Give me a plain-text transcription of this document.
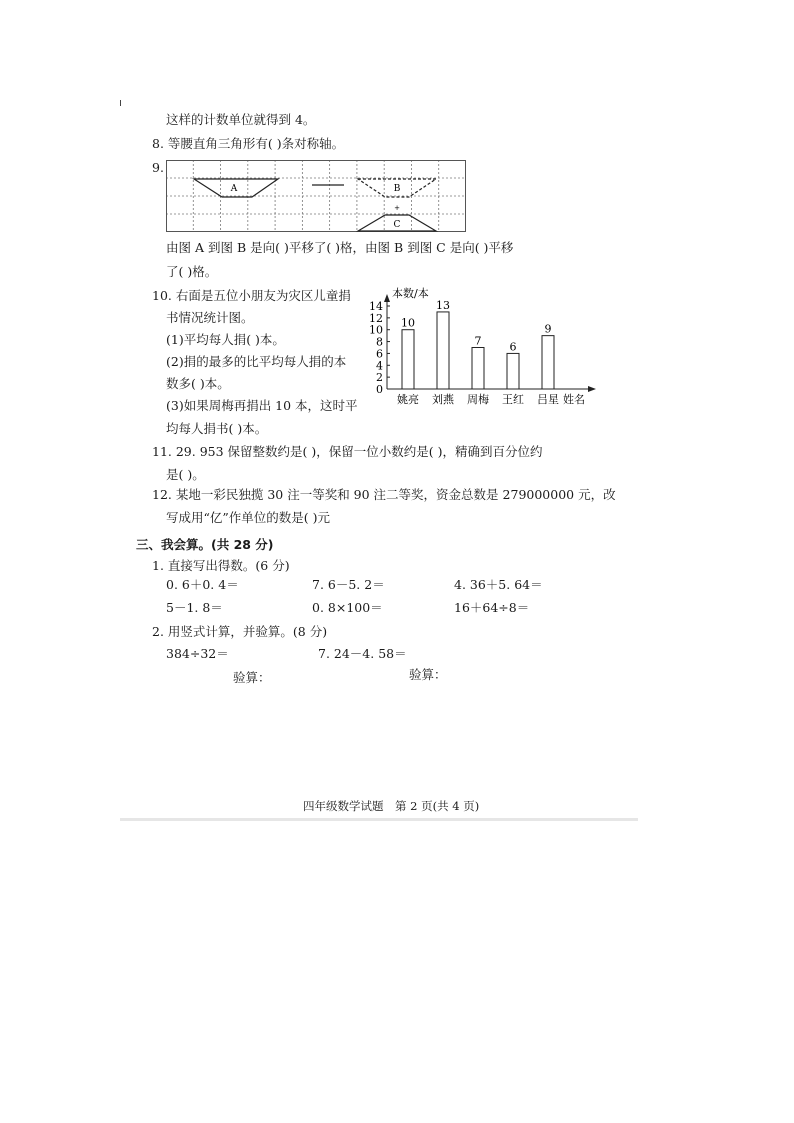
这样的计数单位就得到 4。
8. 等腰直角三角形有( )条对称轴。
9.
A	B
+
C
由图 A 到图 B 是向( )平移了( )格，由图 B 到图 C 是向( )平移
了( )格。
10. 右面是五位小朋友为灾区儿童捐
书情况统计图。
(1)平均每人捐( )本。
(2)捐的最多的比平均每人捐的本
数多( )本。
(3)如果周梅再捐出 10 本，这时平
均每人捐书( )本。
本数/本
0
2
4
6
8
10
12
14
10
姚亮
13
刘燕
7
周梅
6
王红
9
吕星 姓名
11. 29. 953 保留整数约是( )，保留一位小数约是( )，精确到百分位约
是( )。
12. 某地一彩民独揽 30 注一等奖和 90 注二等奖，资金总数是 279000000 元，改
写成用“亿”作单位的数是( )元
三、我会算。(共 28 分)
1. 直接写出得数。(6 分)
0. 6＋0. 4＝	7. 6－5. 2＝	4. 36＋5. 64＝
5－1. 8＝	0. 8×100＝	16＋64÷8＝
2. 用竖式计算，并验算。(8 分)
384÷32＝	7. 24－4. 58＝
验算：	验算：
四年级数学试题　第 2 页(共 4 页)
